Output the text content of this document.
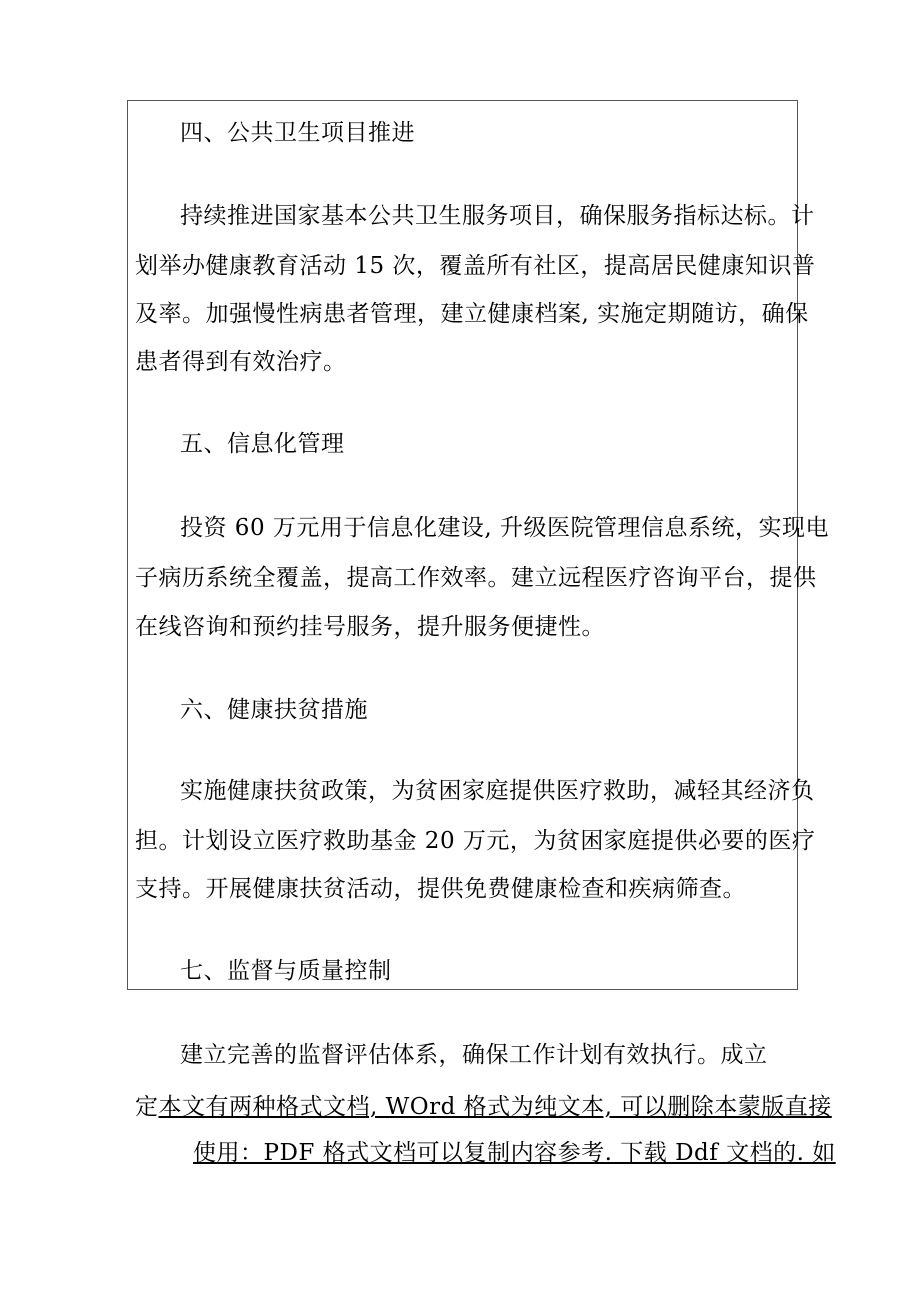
四、公共卫生项目推进
持续推进国家基本公共卫生服务项目，确保服务指标达标。计
划举办健康教育活动 15 次，覆盖所有社区，提高居民健康知识普
及率。加强慢性病患者管理，建立健康档案, 实施定期随访，确保
患者得到有效治疗。
五、信息化管理
投资 60 万元用于信息化建设, 升级医院管理信息系统，实现电
子病历系统全覆盖，提高工作效率。建立远程医疗咨询平台，提供
在线咨询和预约挂号服务，提升服务便捷性。
六、健康扶贫措施
实施健康扶贫政策，为贫困家庭提供医疗救助，减轻其经济负
担。计划设立医疗救助基金 20 万元，为贫困家庭提供必要的医疗
支持。开展健康扶贫活动，提供免费健康检查和疾病筛查。
七、监督与质量控制
建立完善的监督评估体系，确保工作计划有效执行。成立
定本文有两种格式文档, WOrd 格式为纯文本, 可以删除本蒙版直接
使用：PDF 格式文档可以复制内容参考. 下载 Ddf 文档的. 如
